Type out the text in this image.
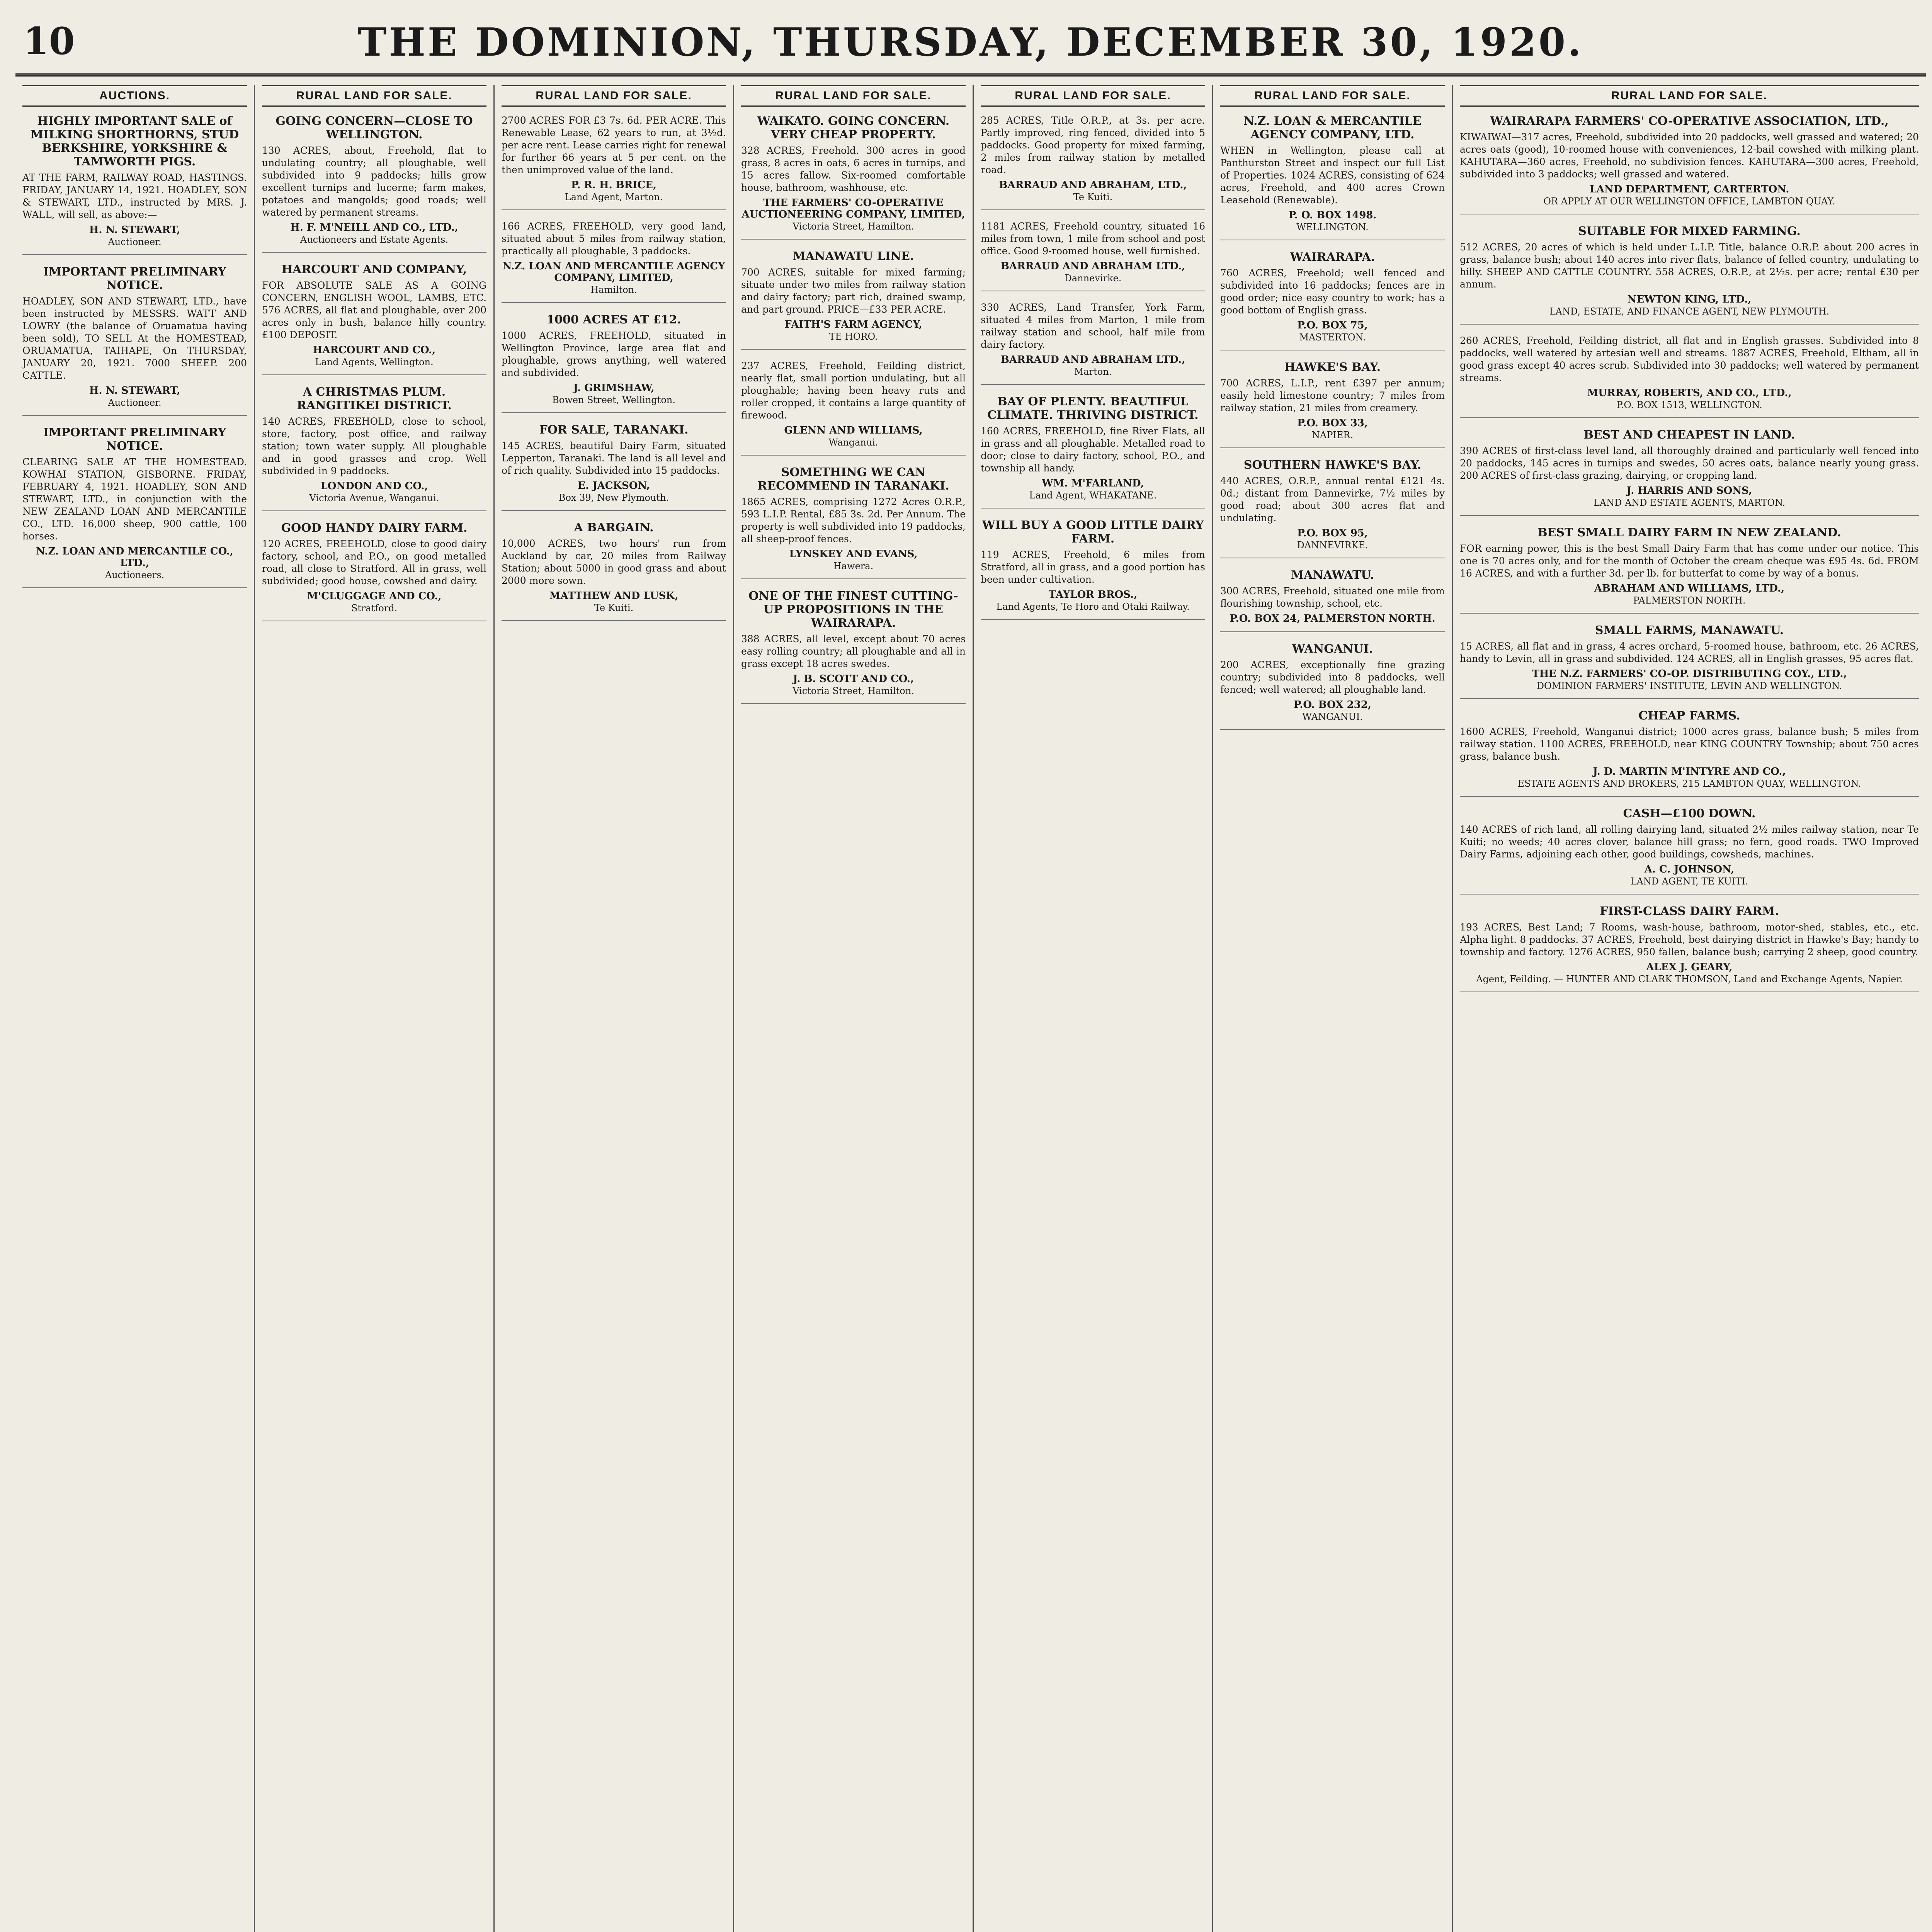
10	THE DOMINION, THURSDAY, DECEMBER 30, 1920.
AUCTIONS.
HIGHLY IMPORTANT SALE of MILKING SHORTHORNS, STUD BERKSHIRE, YORKSHIRE & TAMWORTH PIGS.
AT THE FARM, RAILWAY ROAD, HASTINGS. FRIDAY, JANUARY 14, 1921. HOADLEY, SON & STEWART, LTD., instructed by MRS. J. WALL, will sell, as above:—
H. N. STEWART,
Auctioneer.
IMPORTANT PRELIMINARY NOTICE.
HOADLEY, SON AND STEWART, LTD., have been instructed by MESSRS. WATT AND LOWRY (the balance of Oruamatua having been sold), TO SELL At the HOMESTEAD, ORUAMATUA, TAIHAPE, On THURSDAY, JANUARY 20, 1921. 7000 SHEEP. 200 CATTLE.
H. N. STEWART,
Auctioneer.
IMPORTANT PRELIMINARY NOTICE.
CLEARING SALE AT THE HOMESTEAD. KOWHAI STATION, GISBORNE. FRIDAY, FEBRUARY 4, 1921. HOADLEY, SON AND STEWART, LTD., in conjunction with the NEW ZEALAND LOAN AND MERCANTILE CO., LTD. 16,000 sheep, 900 cattle, 100 horses.
N.Z. LOAN AND MERCANTILE CO., LTD.,
Auctioneers.
RURAL LAND FOR SALE.
GOING CONCERN—CLOSE TO WELLINGTON.
130 ACRES, about, Freehold, flat to undulating country; all ploughable, well subdivided into 9 paddocks; hills grow excellent turnips and lucerne; farm makes, potatoes and mangolds; good roads; well watered by permanent streams.
H. F. M'NEILL AND CO., LTD.,
Auctioneers and Estate Agents.
HARCOURT AND COMPANY,
FOR ABSOLUTE SALE AS A GOING CONCERN, ENGLISH WOOL, LAMBS, ETC. 576 ACRES, all flat and ploughable, over 200 acres only in bush, balance hilly country. £100 DEPOSIT.
HARCOURT AND CO.,
Land Agents, Wellington.
A CHRISTMAS PLUM. RANGITIKEI DISTRICT.
140 ACRES, FREEHOLD, close to school, store, factory, post office, and railway station; town water supply. All ploughable and in good grasses and crop. Well subdivided in 9 paddocks.
LONDON AND CO.,
Victoria Avenue, Wanganui.
GOOD HANDY DAIRY FARM.
120 ACRES, FREEHOLD, close to good dairy factory, school, and P.O., on good metalled road, all close to Stratford. All in grass, well subdivided; good house, cowshed and dairy.
M'CLUGGAGE AND CO.,
Stratford.
RURAL LAND FOR SALE.
2700 ACRES FOR £3 7s. 6d. PER ACRE. This Renewable Lease, 62 years to run, at 3½d. per acre rent. Lease carries right for renewal for further 66 years at 5 per cent. on the then unimproved value of the land.
P. R. H. BRICE,
Land Agent, Marton.
166 ACRES, FREEHOLD, very good land, situated about 5 miles from railway station, practically all ploughable, 3 paddocks.
N.Z. LOAN AND MERCANTILE AGENCY COMPANY, LIMITED,
Hamilton.
1000 ACRES AT £12.
1000 ACRES, FREEHOLD, situated in Wellington Province, large area flat and ploughable, grows anything, well watered and subdivided.
J. GRIMSHAW,
Bowen Street, Wellington.
FOR SALE, TARANAKI.
145 ACRES, beautiful Dairy Farm, situated Lepperton, Taranaki. The land is all level and of rich quality. Subdivided into 15 paddocks.
E. JACKSON,
Box 39, New Plymouth.
A BARGAIN.
10,000 ACRES, two hours' run from Auckland by car, 20 miles from Railway Station; about 5000 in good grass and about 2000 more sown.
MATTHEW AND LUSK,
Te Kuiti.
RURAL LAND FOR SALE.
WAIKATO. GOING CONCERN. VERY CHEAP PROPERTY.
328 ACRES, Freehold. 300 acres in good grass, 8 acres in oats, 6 acres in turnips, and 15 acres fallow. Six-roomed comfortable house, bathroom, washhouse, etc.
THE FARMERS' CO-OPERATIVE AUCTIONEERING COMPANY, LIMITED,
Victoria Street, Hamilton.
MANAWATU LINE.
700 ACRES, suitable for mixed farming; situate under two miles from railway station and dairy factory; part rich, drained swamp, and part ground. PRICE—£33 PER ACRE.
FAITH'S FARM AGENCY,
TE HORO.
237 ACRES, Freehold, Feilding district, nearly flat, small portion undulating, but all ploughable; having been heavy ruts and roller cropped, it contains a large quantity of firewood.
GLENN AND WILLIAMS,
Wanganui.
SOMETHING WE CAN RECOMMEND IN TARANAKI.
1865 ACRES, comprising 1272 Acres O.R.P., 593 L.I.P. Rental, £85 3s. 2d. Per Annum. The property is well subdivided into 19 paddocks, all sheep-proof fences.
LYNSKEY AND EVANS,
Hawera.
ONE OF THE FINEST CUTTING-UP PROPOSITIONS IN THE WAIRARAPA.
388 ACRES, all level, except about 70 acres easy rolling country; all ploughable and all in grass except 18 acres swedes.
J. B. SCOTT AND CO.,
Victoria Street, Hamilton.
RURAL LAND FOR SALE.
285 ACRES, Title O.R.P., at 3s. per acre. Partly improved, ring fenced, divided into 5 paddocks. Good property for mixed farming, 2 miles from railway station by metalled road.
BARRAUD AND ABRAHAM, LTD.,
Te Kuiti.
1181 ACRES, Freehold country, situated 16 miles from town, 1 mile from school and post office. Good 9-roomed house, well furnished.
BARRAUD AND ABRAHAM LTD.,
Dannevirke.
330 ACRES, Land Transfer, York Farm, situated 4 miles from Marton, 1 mile from railway station and school, half mile from dairy factory.
BARRAUD AND ABRAHAM LTD.,
Marton.
BAY OF PLENTY. BEAUTIFUL CLIMATE. THRIVING DISTRICT.
160 ACRES, FREEHOLD, fine River Flats, all in grass and all ploughable. Metalled road to door; close to dairy factory, school, P.O., and township all handy.
WM. M'FARLAND,
Land Agent, WHAKATANE.
WILL BUY A GOOD LITTLE DAIRY FARM.
119 ACRES, Freehold, 6 miles from Stratford, all in grass, and a good portion has been under cultivation.
TAYLOR BROS.,
Land Agents, Te Horo and Otaki Railway.
RURAL LAND FOR SALE.
N.Z. LOAN & MERCANTILE AGENCY COMPANY, LTD.
WHEN in Wellington, please call at Panthurston Street and inspect our full List of Properties. 1024 ACRES, consisting of 624 acres, Freehold, and 400 acres Crown Leasehold (Renewable).
P. O. BOX 1498.
WELLINGTON.
WAIRARAPA.
760 ACRES, Freehold; well fenced and subdivided into 16 paddocks; fences are in good order; nice easy country to work; has a good bottom of English grass.
P.O. BOX 75,
MASTERTON.
HAWKE'S BAY.
700 ACRES, L.I.P., rent £397 per annum; easily held limestone country; 7 miles from railway station, 21 miles from creamery.
P.O. BOX 33,
NAPIER.
SOUTHERN HAWKE'S BAY.
440 ACRES, O.R.P., annual rental £121 4s. 0d.; distant from Dannevirke, 7½ miles by good road; about 300 acres flat and undulating.
P.O. BOX 95,
DANNEVIRKE.
MANAWATU.
300 ACRES, Freehold, situated one mile from flourishing township, school, etc.
P.O. BOX 24, PALMERSTON NORTH.
WANGANUI.
200 ACRES, exceptionally fine grazing country; subdivided into 8 paddocks, well fenced; well watered; all ploughable land.
P.O. BOX 232,
WANGANUI.
RURAL LAND FOR SALE.
WAIRARAPA FARMERS' CO-OPERATIVE ASSOCIATION, LTD.,
KIWAIWAI—317 acres, Freehold, subdivided into 20 paddocks, well grassed and watered; 20 acres oats (good), 10-roomed house with conveniences, 12-bail cowshed with milking plant. KAHUTARA—360 acres, Freehold, no subdivision fences. KAHUTARA—300 acres, Freehold, subdivided into 3 paddocks; well grassed and watered.
LAND DEPARTMENT, CARTERTON.
OR APPLY AT OUR WELLINGTON OFFICE, LAMBTON QUAY.
SUITABLE FOR MIXED FARMING.
512 ACRES, 20 acres of which is held under L.I.P. Title, balance O.R.P. about 200 acres in grass, balance bush; about 140 acres into river flats, balance of felled country, undulating to hilly. SHEEP AND CATTLE COUNTRY. 558 ACRES, O.R.P., at 2½s. per acre; rental £30 per annum.
NEWTON KING, LTD.,
LAND, ESTATE, AND FINANCE AGENT, NEW PLYMOUTH.
260 ACRES, Freehold, Feilding district, all flat and in English grasses. Subdivided into 8 paddocks, well watered by artesian well and streams. 1887 ACRES, Freehold, Eltham, all in good grass except 40 acres scrub. Subdivided into 30 paddocks; well watered by permanent streams.
MURRAY, ROBERTS, AND CO., LTD.,
P.O. BOX 1513, WELLINGTON.
BEST AND CHEAPEST IN LAND.
390 ACRES of first-class level land, all thoroughly drained and particularly well fenced into 20 paddocks, 145 acres in turnips and swedes, 50 acres oats, balance nearly young grass. 200 ACRES of first-class grazing, dairying, or cropping land.
J. HARRIS AND SONS,
LAND AND ESTATE AGENTS, MARTON.
BEST SMALL DAIRY FARM IN NEW ZEALAND.
FOR earning power, this is the best Small Dairy Farm that has come under our notice. This one is 70 acres only, and for the month of October the cream cheque was £95 4s. 6d. FROM 16 ACRES, and with a further 3d. per lb. for butterfat to come by way of a bonus.
ABRAHAM AND WILLIAMS, LTD.,
PALMERSTON NORTH.
SMALL FARMS, MANAWATU.
15 ACRES, all flat and in grass, 4 acres orchard, 5-roomed house, bathroom, etc. 26 ACRES, handy to Levin, all in grass and subdivided. 124 ACRES, all in English grasses, 95 acres flat.
THE N.Z. FARMERS' CO-OP. DISTRIBUTING COY., LTD.,
DOMINION FARMERS' INSTITUTE, LEVIN AND WELLINGTON.
CHEAP FARMS.
1600 ACRES, Freehold, Wanganui district; 1000 acres grass, balance bush; 5 miles from railway station. 1100 ACRES, FREEHOLD, near KING COUNTRY Township; about 750 acres grass, balance bush.
J. D. MARTIN M'INTYRE AND CO.,
ESTATE AGENTS AND BROKERS, 215 LAMBTON QUAY, WELLINGTON.
CASH—£100 DOWN.
140 ACRES of rich land, all rolling dairying land, situated 2½ miles railway station, near Te Kuiti; no weeds; 40 acres clover, balance hill grass; no fern, good roads. TWO Improved Dairy Farms, adjoining each other, good buildings, cowsheds, machines.
A. C. JOHNSON,
LAND AGENT, TE KUITI.
FIRST-CLASS DAIRY FARM.
193 ACRES, Best Land; 7 Rooms, wash-house, bathroom, motor-shed, stables, etc., etc. Alpha light. 8 paddocks. 37 ACRES, Freehold, best dairying district in Hawke's Bay; handy to township and factory. 1276 ACRES, 950 fallen, balance bush; carrying 2 sheep, good country.
ALEX J. GEARY,
Agent, Feilding. — HUNTER AND CLARK THOMSON, Land and Exchange Agents, Napier.
